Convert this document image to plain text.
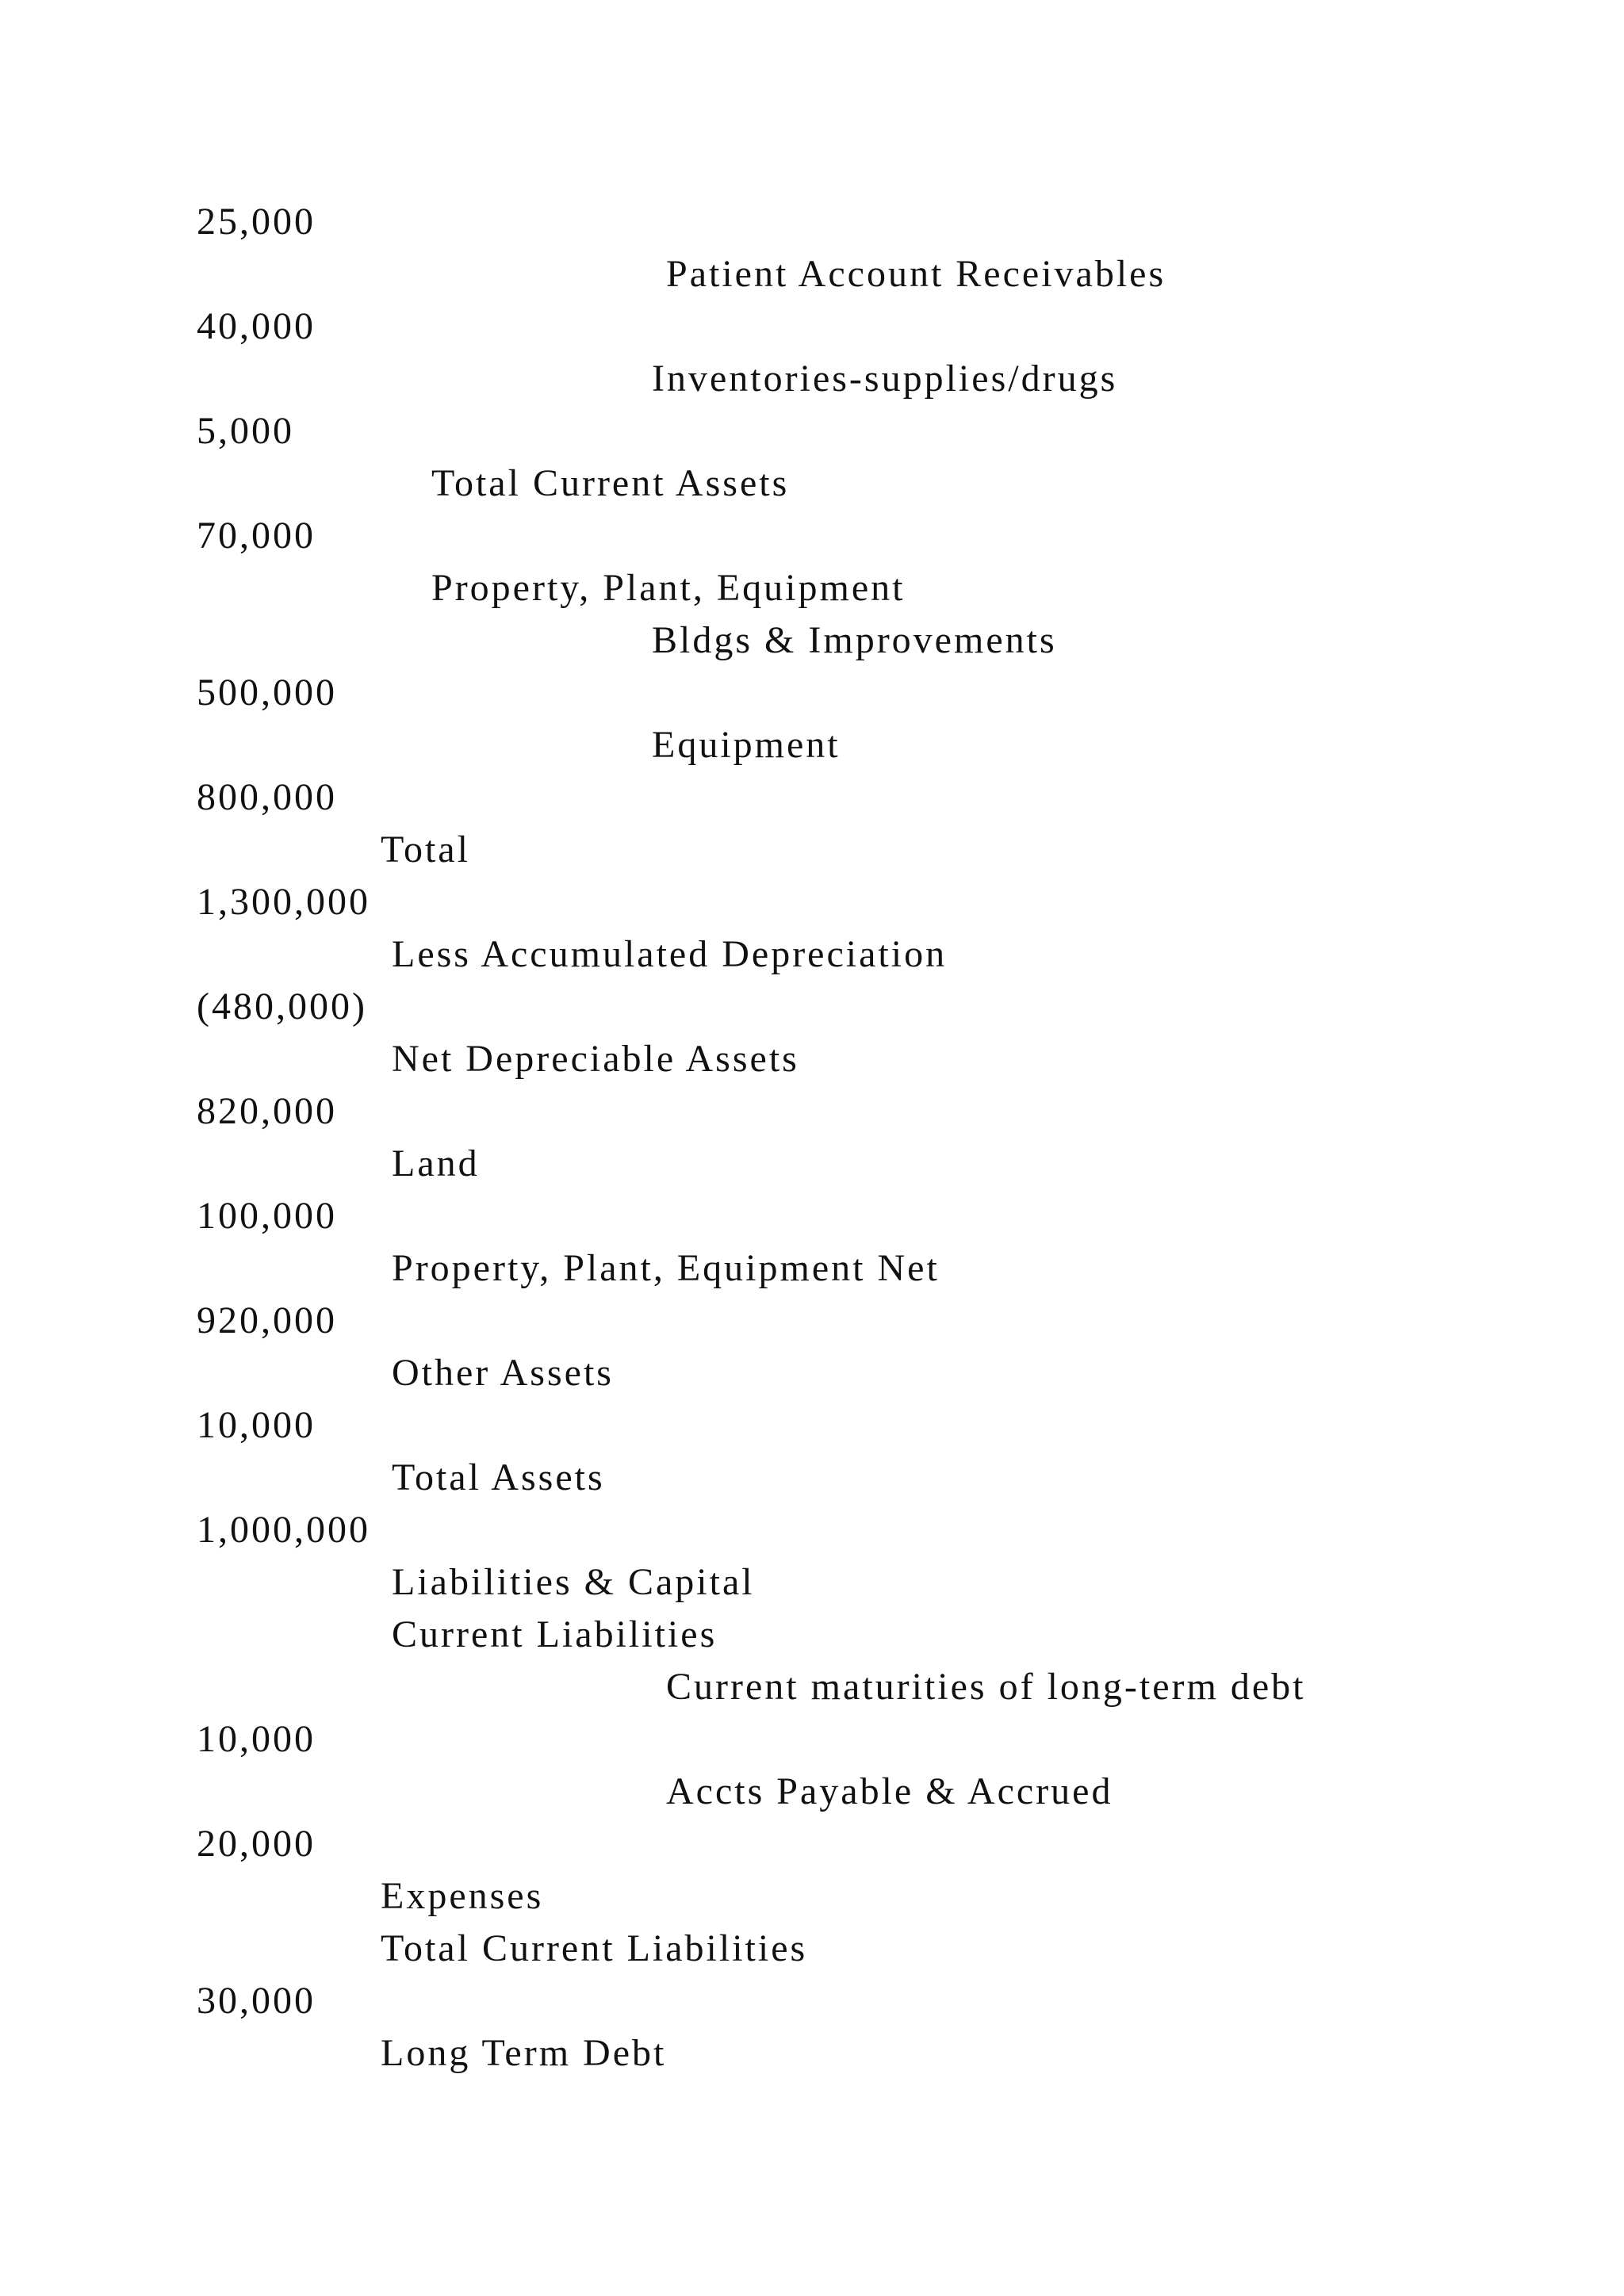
25,000

Patient Account Receivables

40,000

Inventories-supplies/drugs

5,000

Total Current Assets

70,000

Property, Plant, Equipment

Bldgs & Improvements

500,000

Equipment

800,000

Total

1,300,000

Less Accumulated Depreciation

(480,000)

Net Depreciable Assets

820,000

Land

100,000

Property, Plant, Equipment Net

920,000

Other Assets

10,000

Total Assets

1,000,000

Liabilities & Capital

Current Liabilities

Current maturities of long-term debt

10,000

Accts Payable & Accrued

20,000

Expenses

Total Current Liabilities

30,000

Long Term Debt
